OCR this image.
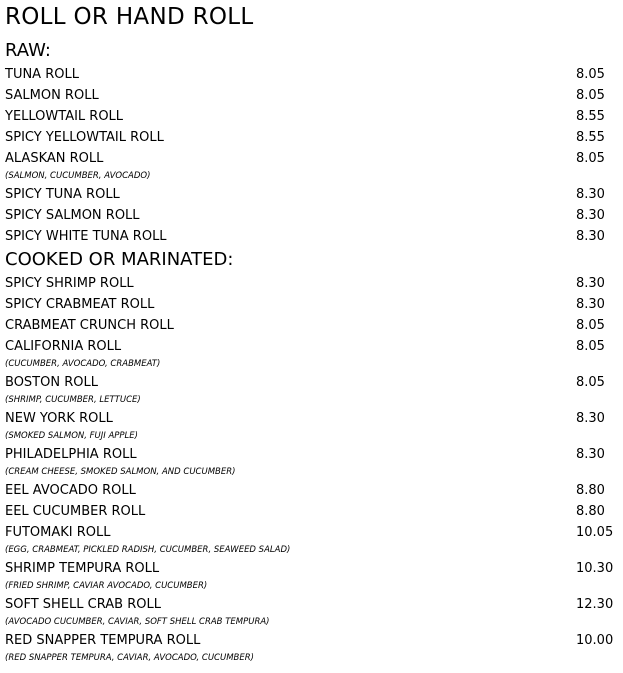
ROLL OR HAND ROLL
RAW:
TUNA ROLL	8.05
SALMON ROLL	8.05
YELLOWTAIL ROLL	8.55
SPICY YELLOWTAIL ROLL	8.55
ALASKAN ROLL	8.05
(SALMON, CUCUMBER, AVOCADO)
SPICY TUNA ROLL	8.30
SPICY SALMON ROLL	8.30
SPICY WHITE TUNA ROLL	8.30
COOKED OR MARINATED:
SPICY SHRIMP ROLL	8.30
SPICY CRABMEAT ROLL	8.30
CRABMEAT CRUNCH ROLL	8.05
CALIFORNIA ROLL	8.05
(CUCUMBER, AVOCADO, CRABMEAT)
BOSTON ROLL	8.05
(SHRIMP, CUCUMBER, LETTUCE)
NEW YORK ROLL	8.30
(SMOKED SALMON, FUJI APPLE)
PHILADELPHIA ROLL	8.30
(CREAM CHEESE, SMOKED SALMON, AND CUCUMBER)
EEL AVOCADO ROLL	8.80
EEL CUCUMBER ROLL	8.80
FUTOMAKI ROLL	10.05
(EGG, CRABMEAT, PICKLED RADISH, CUCUMBER, SEAWEED SALAD)
SHRIMP TEMPURA ROLL	10.30
(FRIED SHRIMP, CAVIAR AVOCADO, CUCUMBER)
SOFT SHELL CRAB ROLL	12.30
(AVOCADO CUCUMBER, CAVIAR, SOFT SHELL CRAB TEMPURA)
RED SNAPPER TEMPURA ROLL	10.00
(RED SNAPPER TEMPURA, CAVIAR, AVOCADO, CUCUMBER)
